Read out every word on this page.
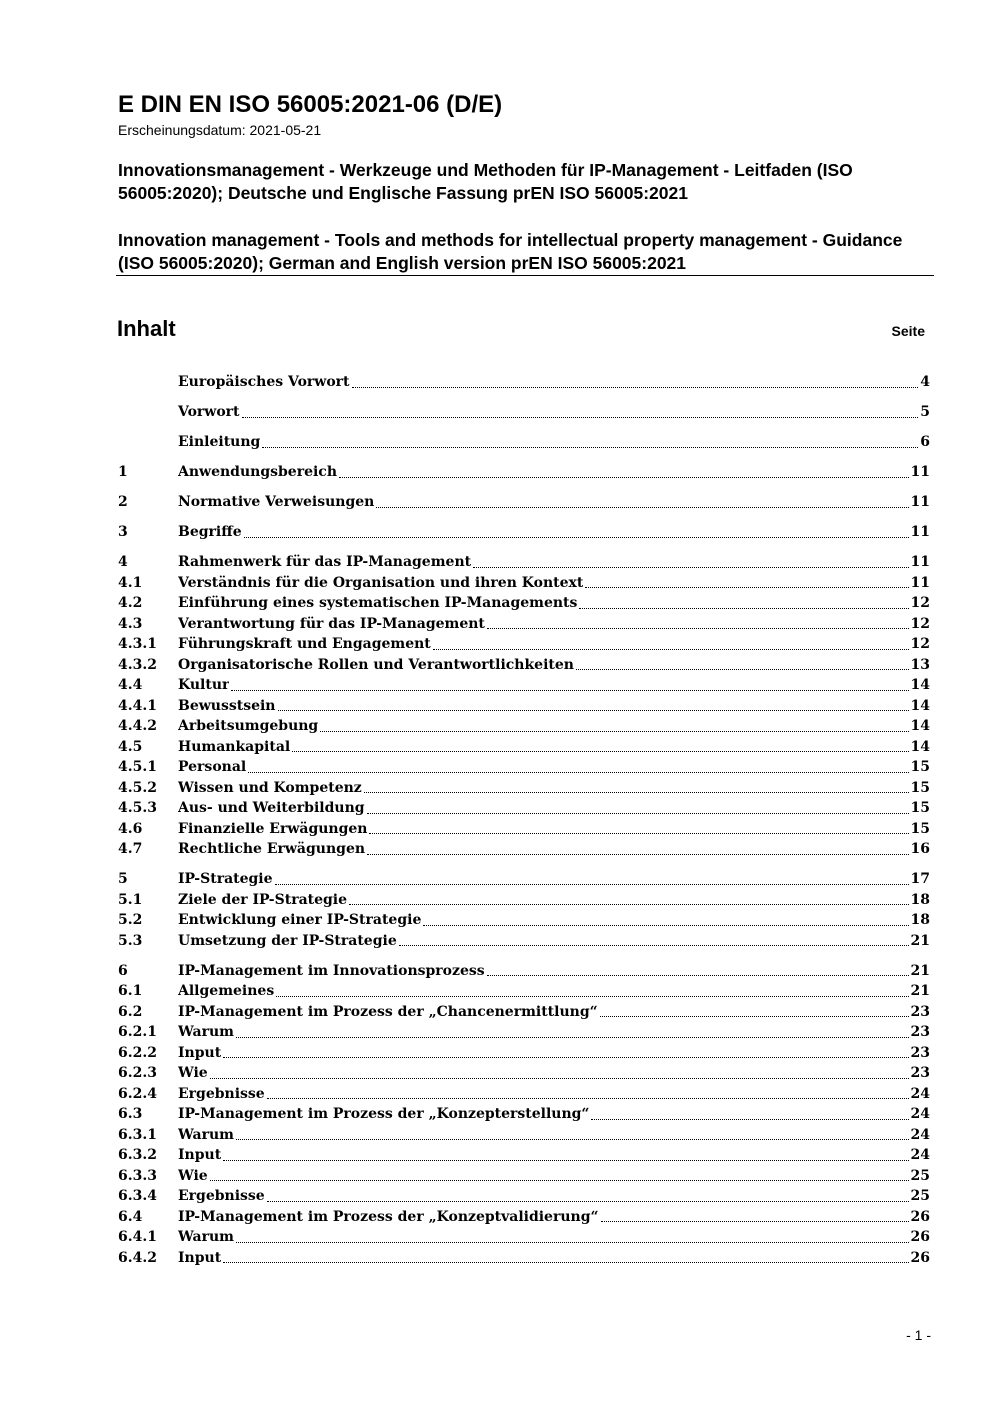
E DIN EN ISO 56005:2021-06 (D/E)
Erscheinungsdatum: 2021-05-21

Innovationsmanagement - Werkzeuge und Methoden für IP-Management - Leitfaden (ISO 56005:2020); Deutsche und Englische Fassung prEN ISO 56005:2021

Innovation management - Tools and methods for intellectual property management - Guidance (ISO 56005:2020); German and English version prEN ISO 56005:2021

Inhalt	Seite
Europäisches Vorwort	4
Vorwort	5
Einleitung	6
1	Anwendungsbereich	11
2	Normative Verweisungen	11
3	Begriffe	11
4	Rahmenwerk für das IP-Management	11
4.1	Verständnis für die Organisation und ihren Kontext	11
4.2	Einführung eines systematischen IP-Managements	12
4.3	Verantwortung für das IP-Management	12
4.3.1	Führungskraft und Engagement	12
4.3.2	Organisatorische Rollen und Verantwortlichkeiten	13
4.4	Kultur	14
4.4.1	Bewusstsein	14
4.4.2	Arbeitsumgebung	14
4.5	Humankapital	14
4.5.1	Personal	15
4.5.2	Wissen und Kompetenz	15
4.5.3	Aus- und Weiterbildung	15
4.6	Finanzielle Erwägungen	15
4.7	Rechtliche Erwägungen	16
5	IP-Strategie	17
5.1	Ziele der IP-Strategie	18
5.2	Entwicklung einer IP-Strategie	18
5.3	Umsetzung der IP-Strategie	21
6	IP-Management im Innovationsprozess	21
6.1	Allgemeines	21
6.2	IP-Management im Prozess der „Chancenermittlung“	23
6.2.1	Warum	23
6.2.2	Input	23
6.2.3	Wie	23
6.2.4	Ergebnisse	24
6.3	IP-Management im Prozess der „Konzepterstellung“	24
6.3.1	Warum	24
6.3.2	Input	24
6.3.3	Wie	25
6.3.4	Ergebnisse	25
6.4	IP-Management im Prozess der „Konzeptvalidierung“	26
6.4.1	Warum	26
6.4.2	Input	26
- 1 -
